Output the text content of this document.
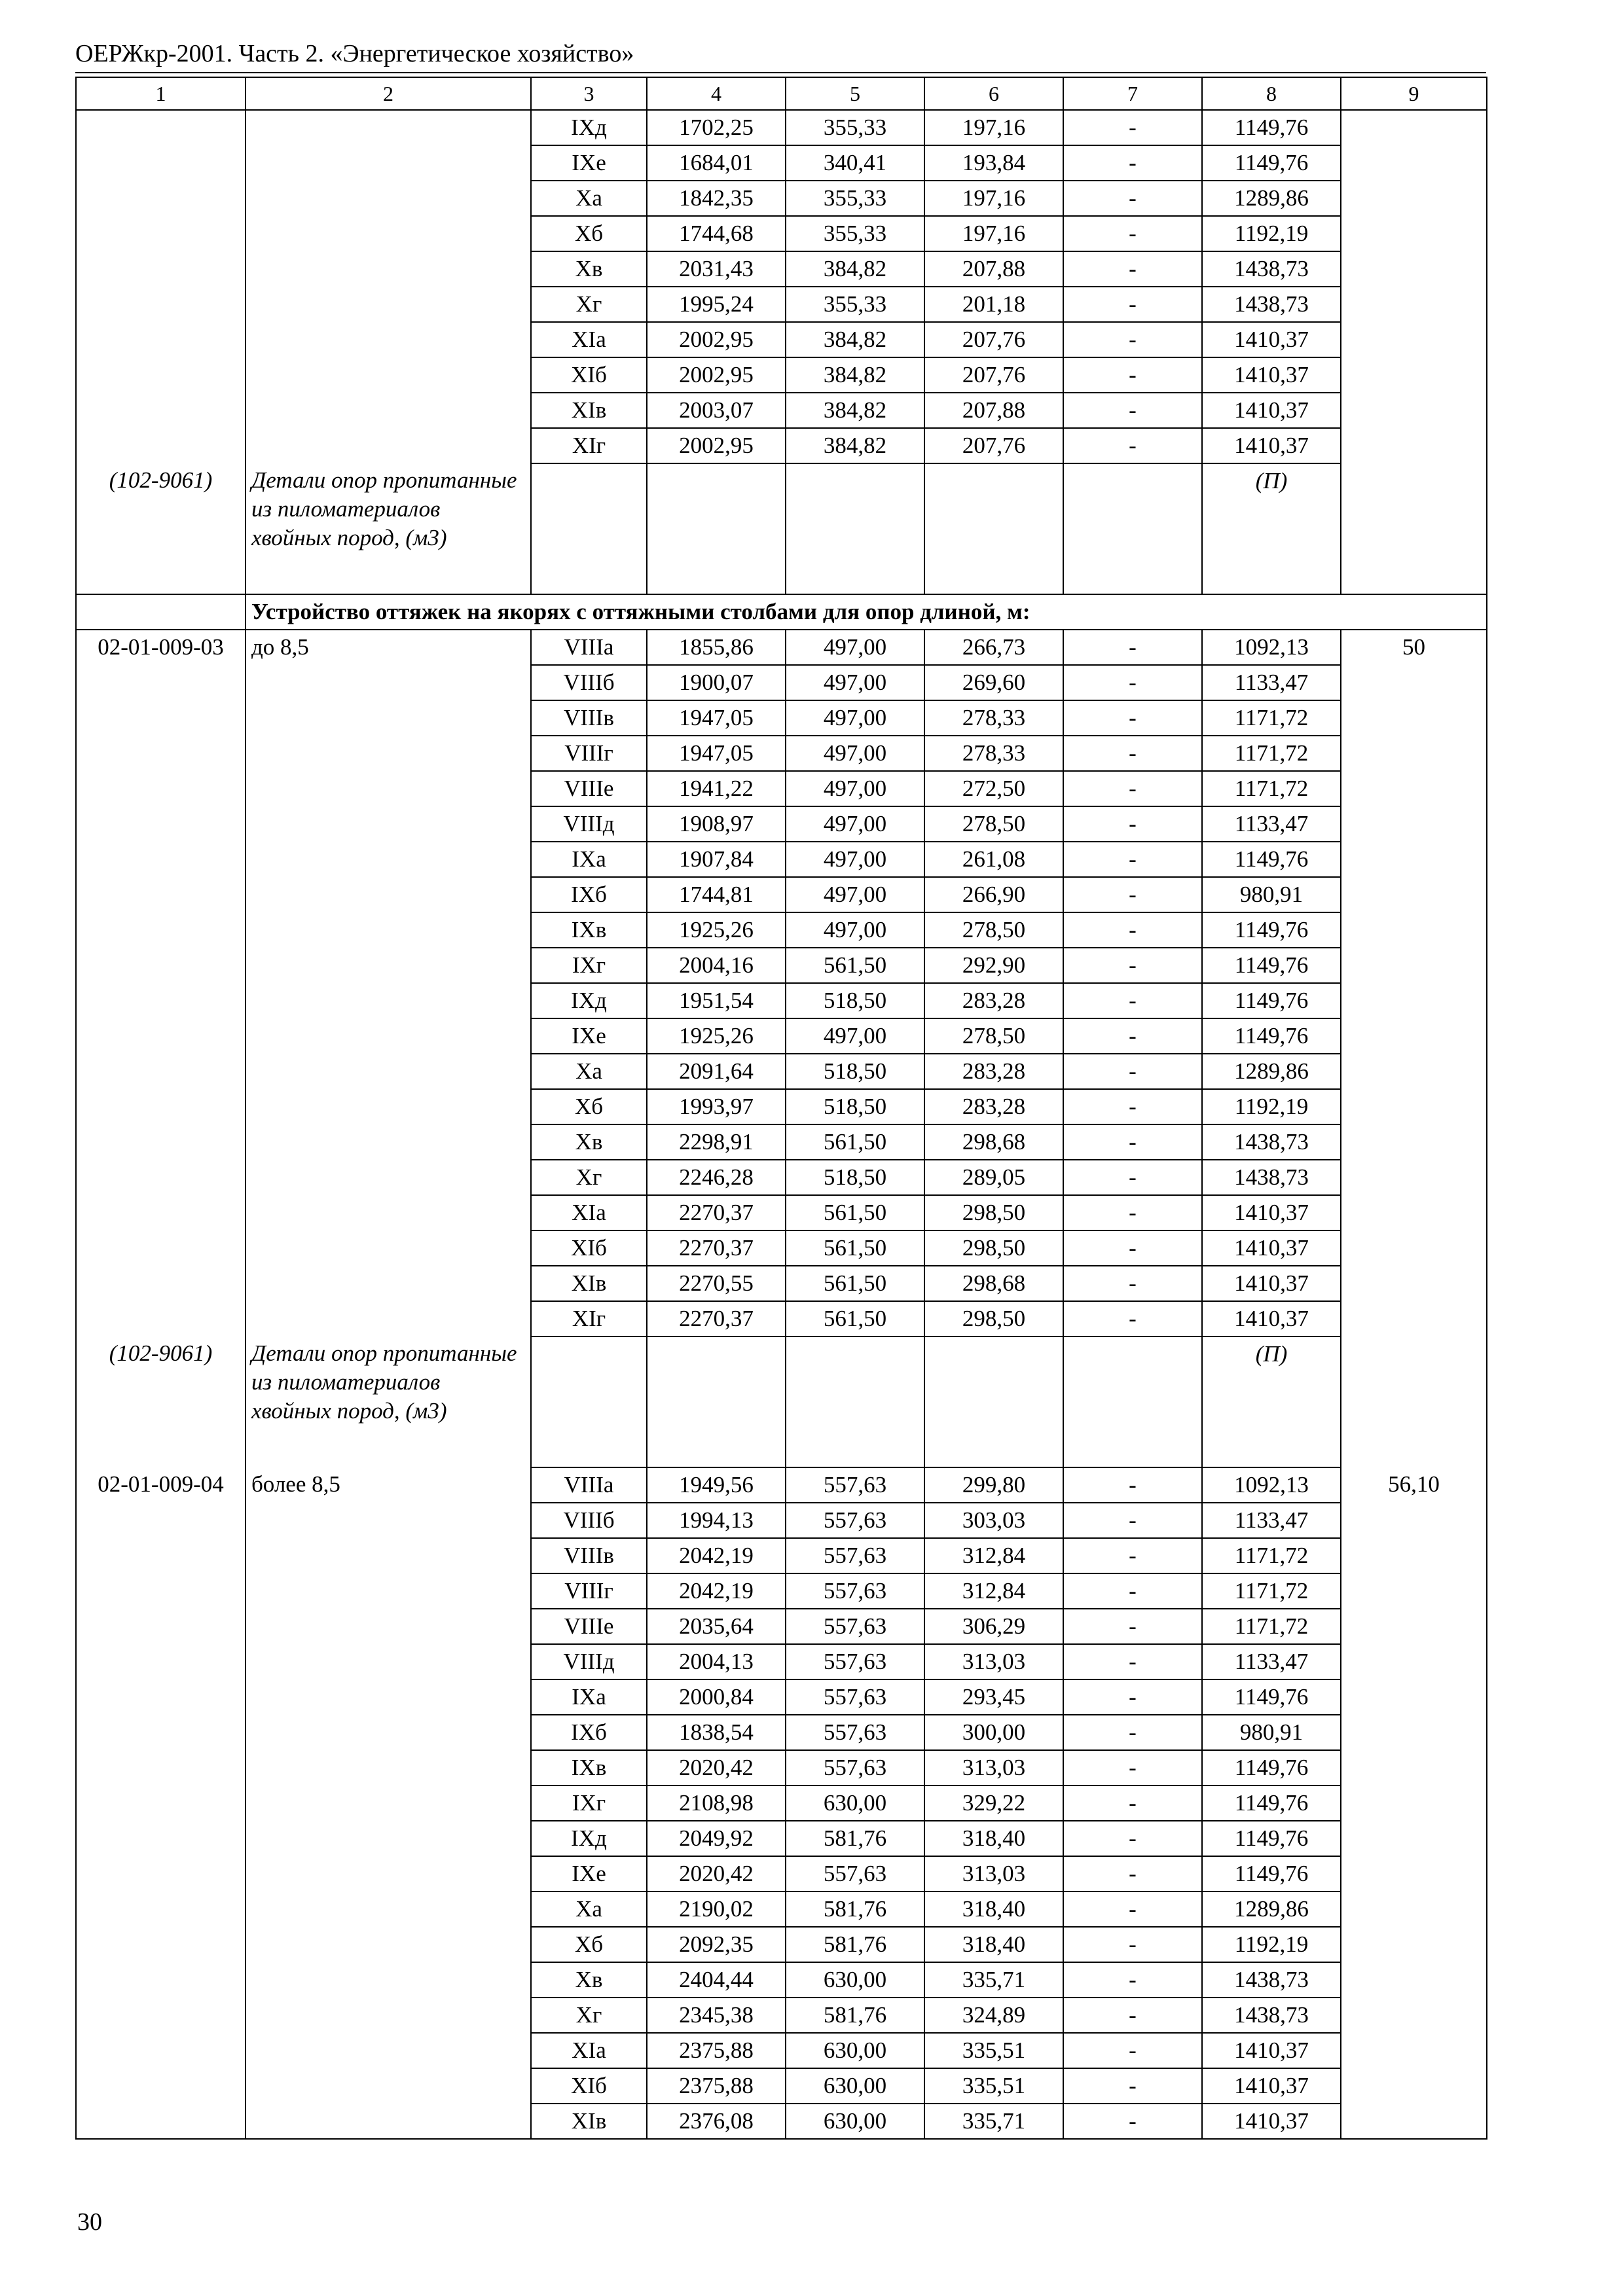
ОЕРЖкр-2001. Часть 2. «Энергетическое хозяйство»
1	2	3	4	5	6	7	8	9
		IXд	1702,25	355,33	197,16	-	1149,76	
		IXе	1684,01	340,41	193,84	-	1149,76	
		Xа	1842,35	355,33	197,16	-	1289,86	
		Xб	1744,68	355,33	197,16	-	1192,19	
		Xв	2031,43	384,82	207,88	-	1438,73	
		Xг	1995,24	355,33	201,18	-	1438,73	
		XIа	2002,95	384,82	207,76	-	1410,37	
		XIб	2002,95	384,82	207,76	-	1410,37	
		XIв	2003,07	384,82	207,88	-	1410,37	
		XIг	2002,95	384,82	207,76	-	1410,37	
(102-9061)	Детали опор пропитанные из пиломатериалов хвойных пород, (м3)						(П)	
	Устройство оттяжек на якорях с оттяжными столбами для опор длиной, м:							
02-01-009-03	до 8,5	VIIIа	1855,86	497,00	266,73	-	1092,13	50
		VIIIб	1900,07	497,00	269,60	-	1133,47	
		VIIIв	1947,05	497,00	278,33	-	1171,72	
		VIIIг	1947,05	497,00	278,33	-	1171,72	
		VIIIе	1941,22	497,00	272,50	-	1171,72	
		VIIIд	1908,97	497,00	278,50	-	1133,47	
		IXа	1907,84	497,00	261,08	-	1149,76	
		IXб	1744,81	497,00	266,90	-	980,91	
		IXв	1925,26	497,00	278,50	-	1149,76	
		IXг	2004,16	561,50	292,90	-	1149,76	
		IXд	1951,54	518,50	283,28	-	1149,76	
		IXе	1925,26	497,00	278,50	-	1149,76	
		Xа	2091,64	518,50	283,28	-	1289,86	
		Xб	1993,97	518,50	283,28	-	1192,19	
		Xв	2298,91	561,50	298,68	-	1438,73	
		Xг	2246,28	518,50	289,05	-	1438,73	
		XIа	2270,37	561,50	298,50	-	1410,37	
		XIб	2270,37	561,50	298,50	-	1410,37	
		XIв	2270,55	561,50	298,68	-	1410,37	
		XIг	2270,37	561,50	298,50	-	1410,37	
(102-9061)	Детали опор пропитанные из пиломатериалов хвойных пород, (м3)						(П)	
02-01-009-04	более 8,5	VIIIа	1949,56	557,63	299,80	-	1092,13	56,10
		VIIIб	1994,13	557,63	303,03	-	1133,47	
		VIIIв	2042,19	557,63	312,84	-	1171,72	
		VIIIг	2042,19	557,63	312,84	-	1171,72	
		VIIIе	2035,64	557,63	306,29	-	1171,72	
		VIIIд	2004,13	557,63	313,03	-	1133,47	
		IXа	2000,84	557,63	293,45	-	1149,76	
		IXб	1838,54	557,63	300,00	-	980,91	
		IXв	2020,42	557,63	313,03	-	1149,76	
		IXг	2108,98	630,00	329,22	-	1149,76	
		IXд	2049,92	581,76	318,40	-	1149,76	
		IXе	2020,42	557,63	313,03	-	1149,76	
		Xа	2190,02	581,76	318,40	-	1289,86	
		Xб	2092,35	581,76	318,40	-	1192,19	
		Xв	2404,44	630,00	335,71	-	1438,73	
		Xг	2345,38	581,76	324,89	-	1438,73	
		XIа	2375,88	630,00	335,51	-	1410,37	
		XIб	2375,88	630,00	335,51	-	1410,37	
		XIв	2376,08	630,00	335,71	-	1410,37	
30
